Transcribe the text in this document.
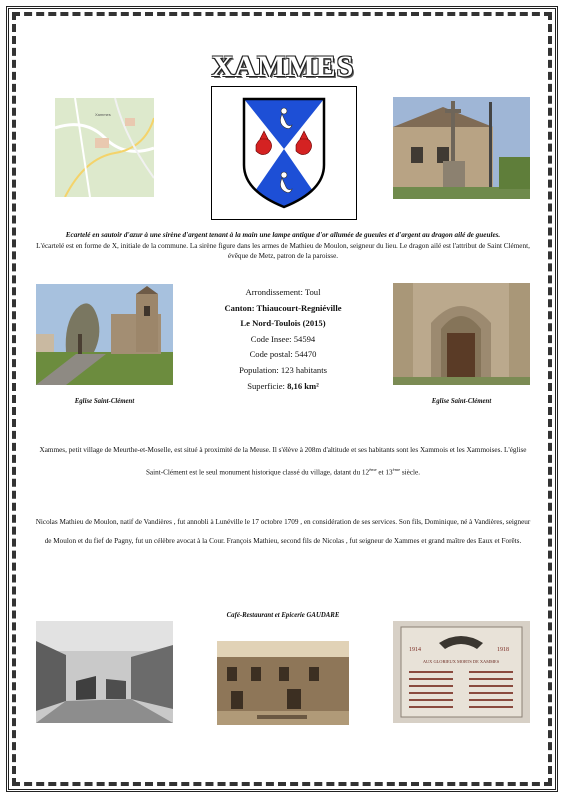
XAMMES
Xammes
Ecartelé en sautoir d'azur à une sirène d'argent tenant à la main une lampe antique d'or allumée de gueules et d'argent au dragon ailé de gueules.
L'écartelé est en forme de X, initiale de la commune. La sirène figure dans les armes de Mathieu de Moulon, seigneur du lieu. Le dragon ailé est l'attribut de Saint Clément, évêque de Metz, patron de la paroisse.
Arrondissement: Toul
Canton: Thiaucourt-Regniéville
Le Nord-Toulois (2015)
Code Insee: 54594
Code postal: 54470
Population: 123 habitants
Superficie: 8,16 km²
Eglise Saint-Clément	Eglise Saint-Clément
Xammes, petit village de Meurthe-et-Moselle, est situé à proximité de la Meuse. Il s'élève à 208m d'altitude et ses habitants sont les Xammois et les Xammoises. L'église Saint-Clément est le seul monument historique classé du village, datant du 12ème et 13ème siècle.
Nicolas Mathieu de Moulon, natif de Vandières , fut annobli à Lunéville le 17 octobre 1709 , en considération de ses services. Son fils, Dominique, né à Vandières, seigneur de Moulon et du fief de Pagny, fut un célèbre avocat à la Cour. François Mathieu, second fils de Nicolas , fut seigneur de Xammes et grand maître des Eaux et Forêts.
Café-Restaurant et Epicerie GAUDARE
1914	1918
AUX GLORIEUX MORTS DE XAMMES
